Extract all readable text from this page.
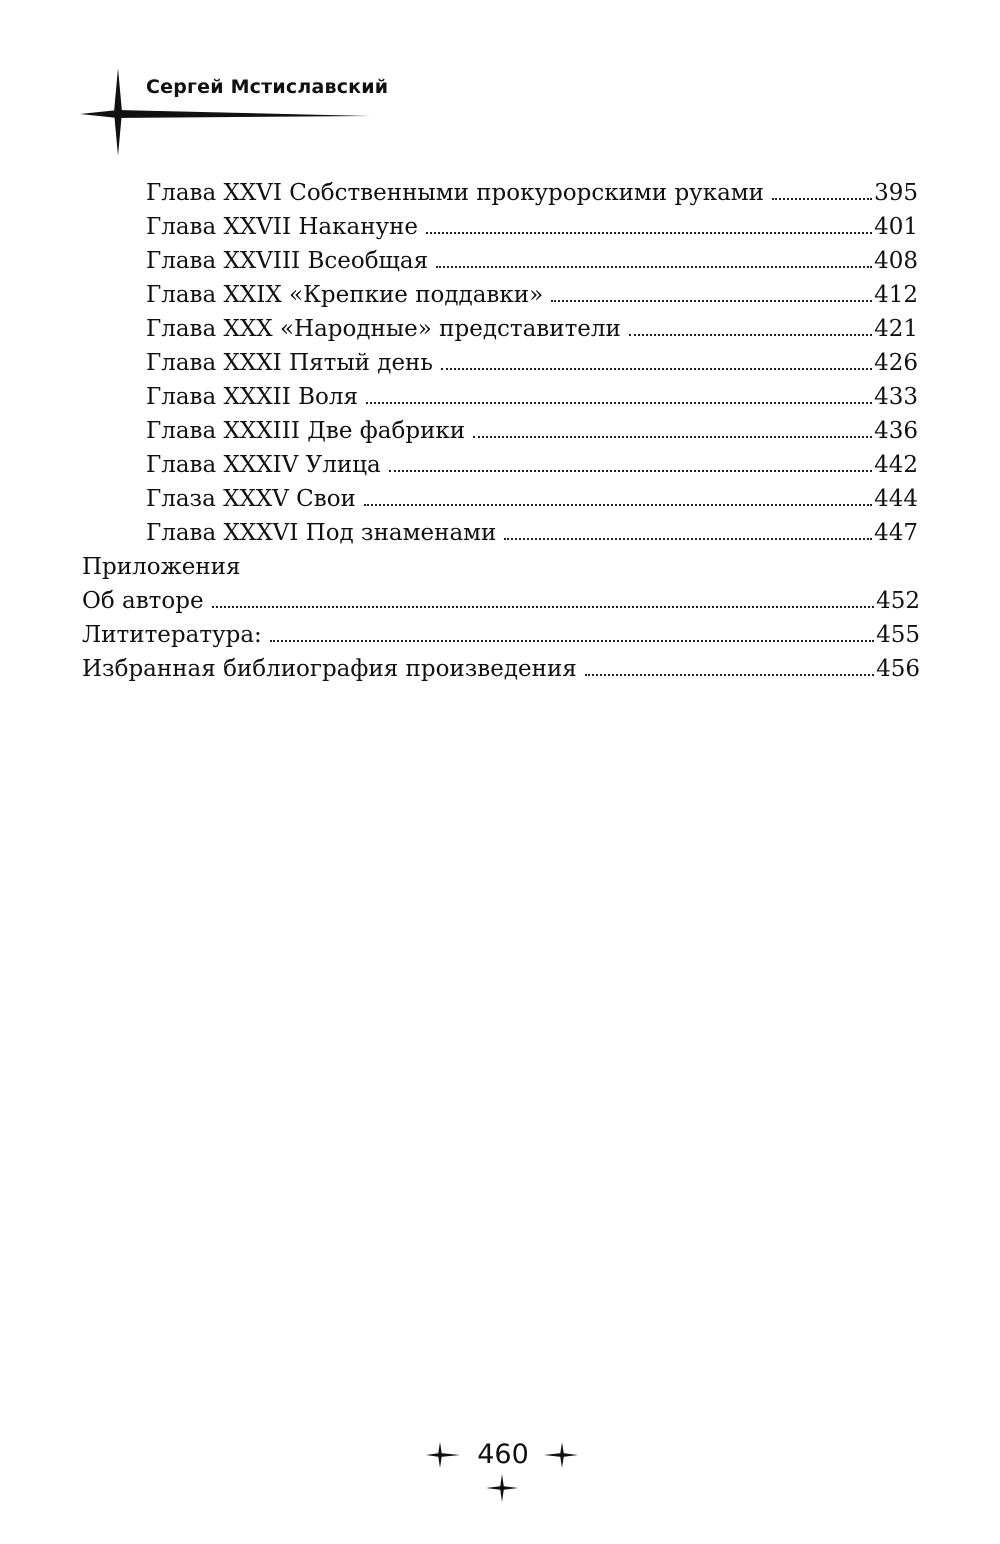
Сергей Мстиславский
Глава XXVI Собственными прокурорскими руками	395
Глава XXVII Накануне	401
Глава XXVIII Всеобщая	408
Глава XXIX «Крепкие поддавки»	412
Глава XXX «Народные» представители	421
Глава XXXI Пятый день	426
Глава XXXII Воля	433
Глава XXXIII Две фабрики	436
Глава XXXIV Улица	442
Глаза XXXV Свои	444
Глава XXXVI Под знаменами	447
Приложения
Об авторе	452
Лититература:	455
Избранная библиография произведения	456
460
